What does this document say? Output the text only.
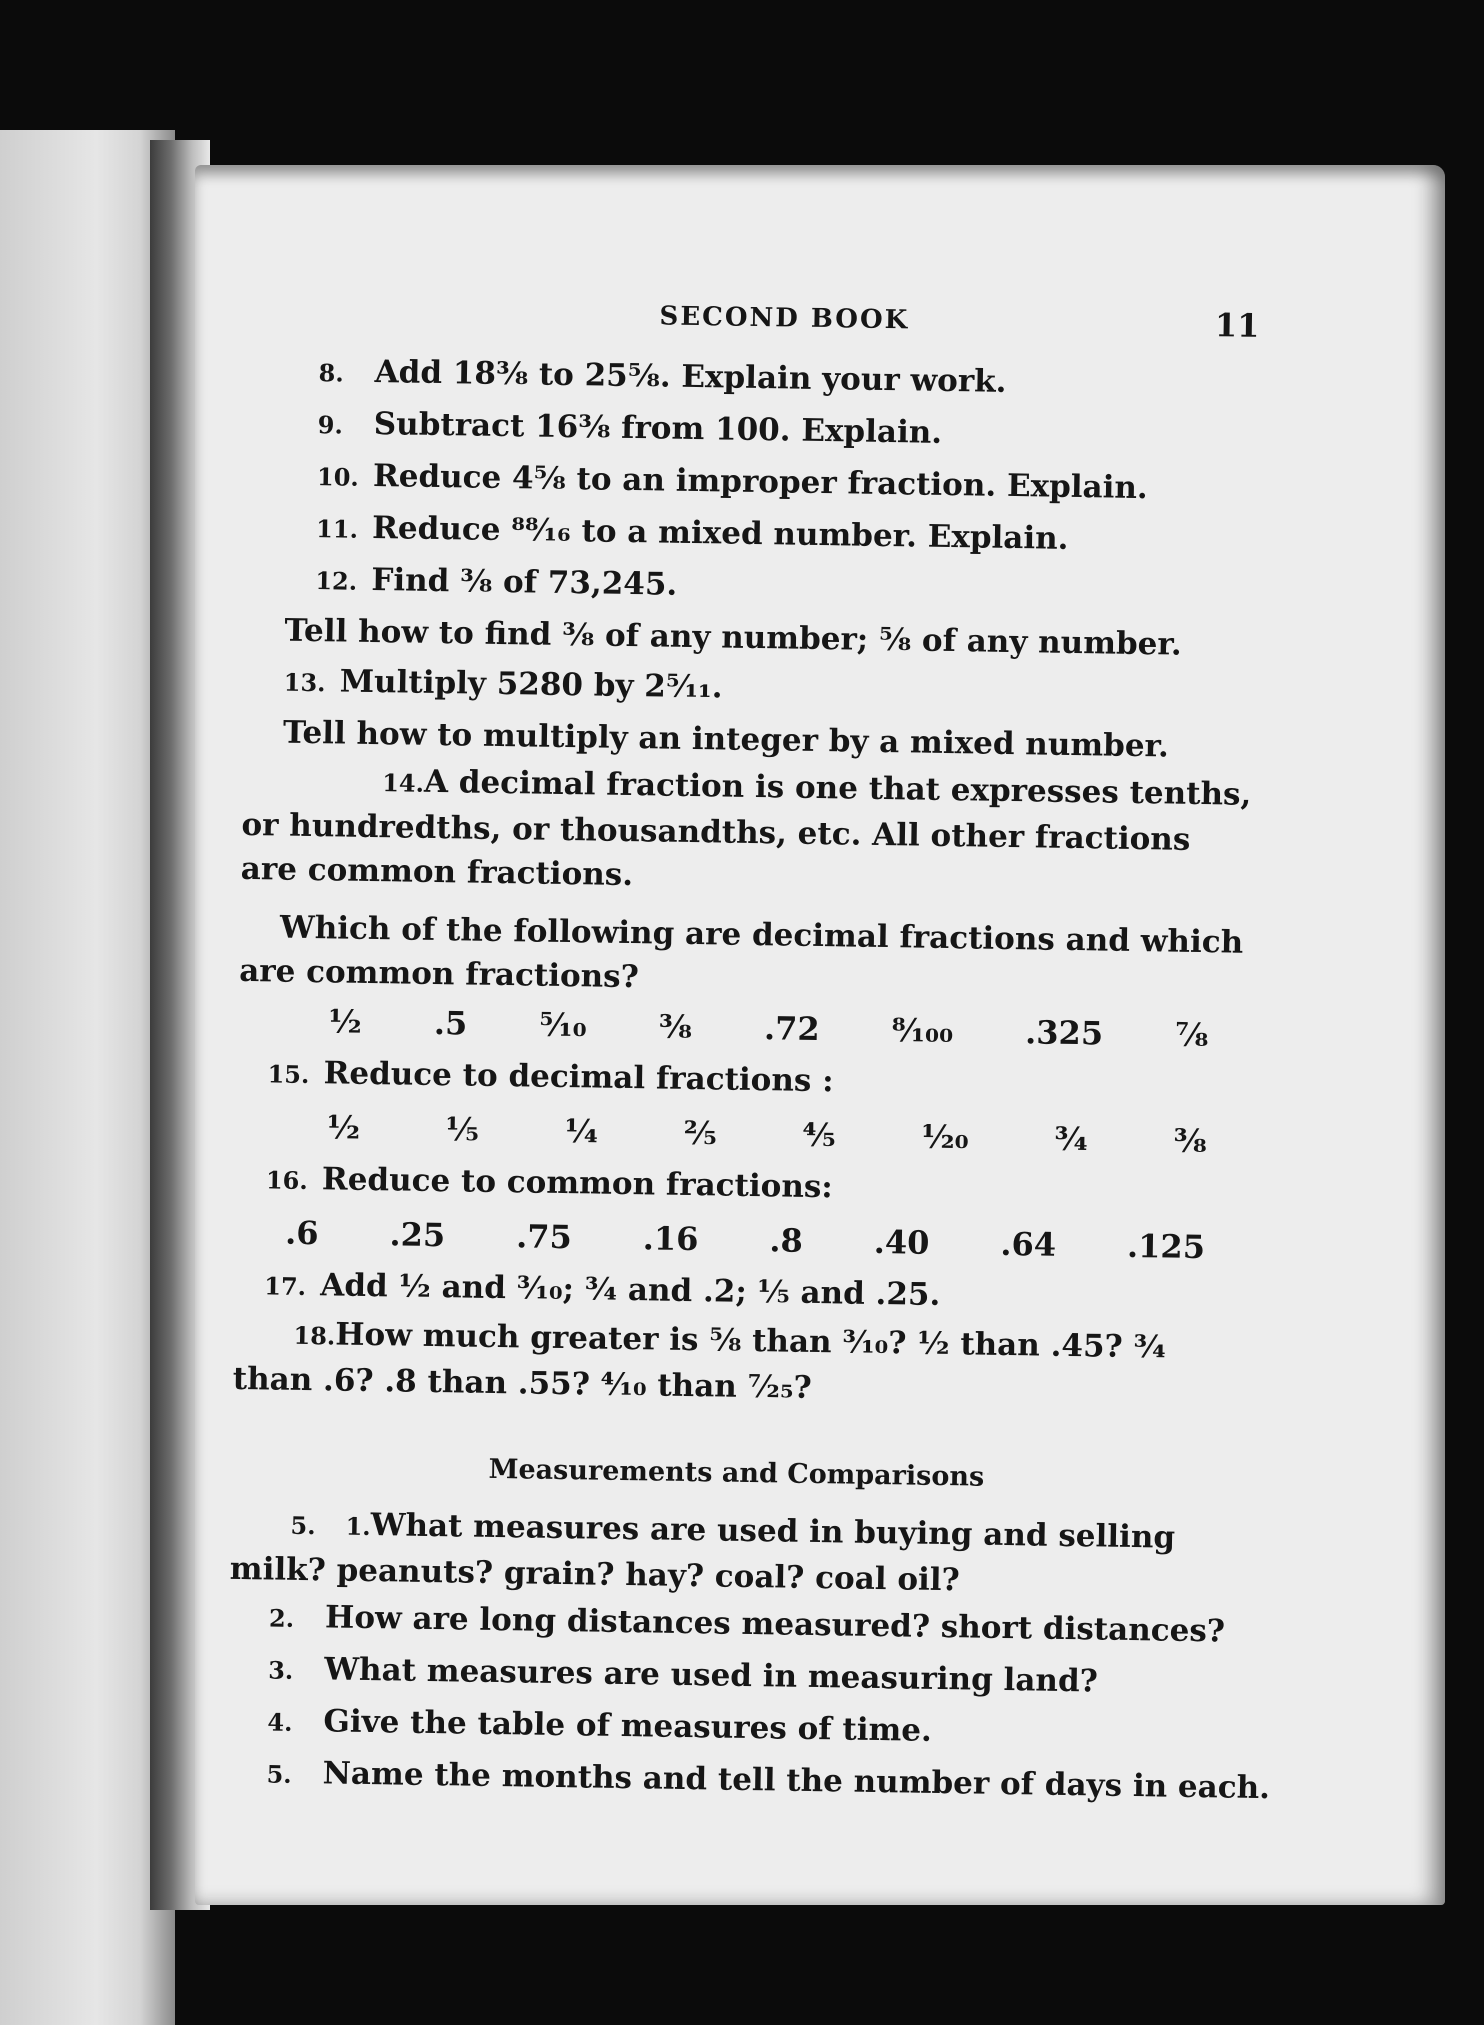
SECOND BOOK	11
8. Add 18⅜ to 25⅝. Explain your work.
9. Subtract 16⅜ from 100. Explain.
10. Reduce 4⅝ to an improper fraction. Explain.
11. Reduce ⁸⁸⁄₁₆ to a mixed number. Explain.
12. Find ⅜ of 73,245.
Tell how to find ⅜ of any number; ⅝ of any number.
13. Multiply 5280 by 2⁵⁄₁₁.
Tell how to multiply an integer by a mixed number.

14.A decimal fraction is one that expresses tenths, or hundredths, or thousandths, etc. All other fractions are common fractions.

Which of the following are decimal fractions and which are common fractions?

½ .5 ⁵⁄₁₀ ⅜ .72 ⁸⁄₁₀₀ .325 ⅞
15. Reduce to decimal fractions :
½	⅕	¼	⅖	⅘	¹⁄₂₀	¾	⅜
16. Reduce to common fractions:
.6 .25 .75 .16 .8 .40 .64 .125
17. Add ½ and ³⁄₁₀; ¾ and .2; ⅕ and .25.

18.How much greater is ⅝ than ³⁄₁₀? ½ than .45? ¾ than .6? .8 than .55? ⁴⁄₁₀ than ⁷⁄₂₅?

Measurements and Comparisons

5. 1.What measures are used in buying and selling milk? peanuts? grain? hay? coal? coal oil?

2. How are long distances measured? short distances?
3. What measures are used in measuring land?
4. Give the table of measures of time.
5. Name the months and tell the number of days in each.
